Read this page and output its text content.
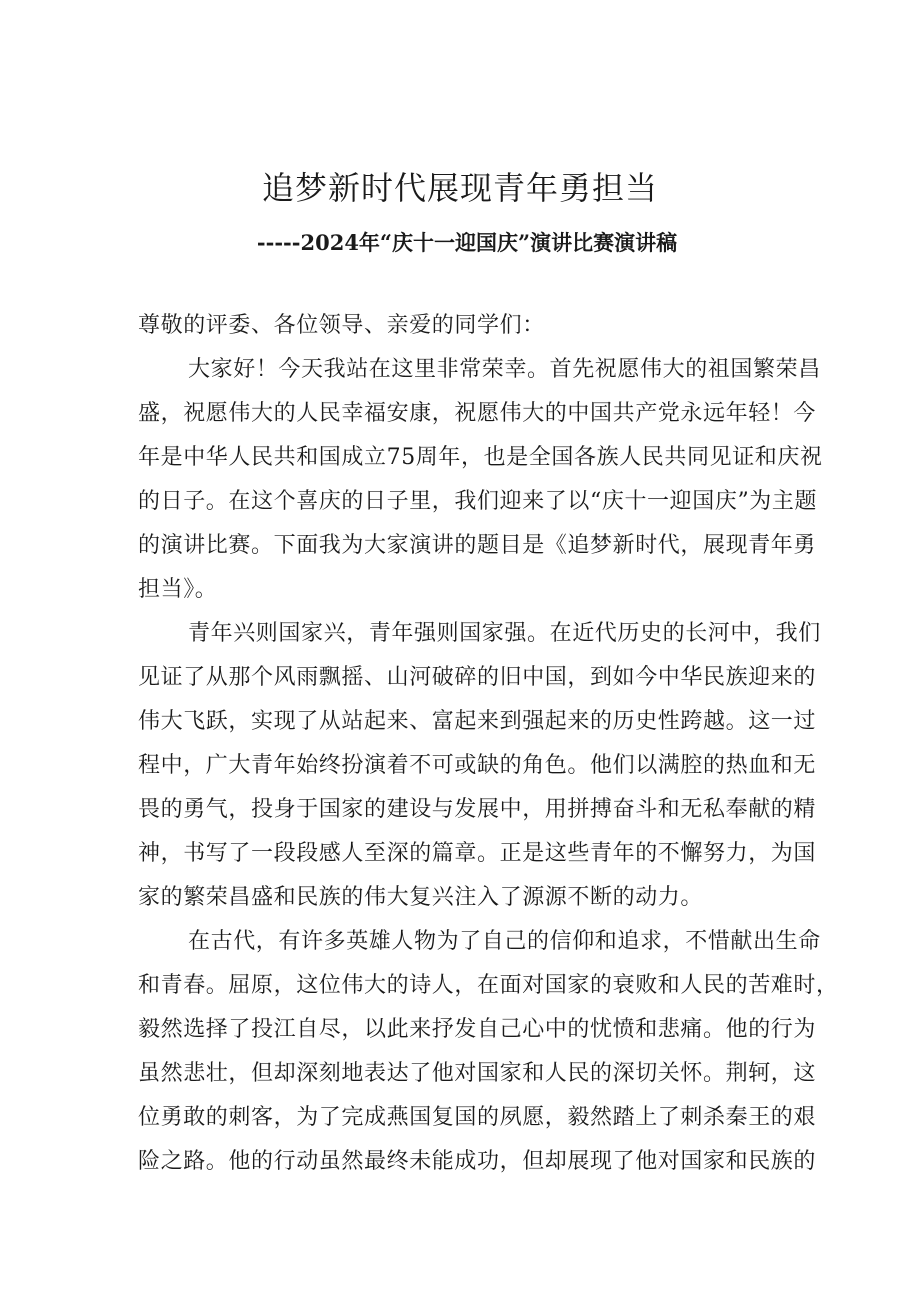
追梦新时代展现青年勇担当
-----2024年“庆十一迎国庆”演讲比赛演讲稿
尊敬的评委、各位领导、亲爱的同学们：
大家好！今天我站在这里非常荣幸。首先祝愿伟大的祖国繁荣昌
盛，祝愿伟大的人民幸福安康，祝愿伟大的中国共产党永远年轻！今
年是中华人民共和国成立75周年，也是全国各族人民共同见证和庆祝
的日子。在这个喜庆的日子里，我们迎来了以“庆十一迎国庆”为主题
的演讲比赛。下面我为大家演讲的题目是《追梦新时代，展现青年勇
担当》。
青年兴则国家兴，青年强则国家强。在近代历史的长河中，我们
见证了从那个风雨飘摇、山河破碎的旧中国，到如今中华民族迎来的
伟大飞跃，实现了从站起来、富起来到强起来的历史性跨越。这一过
程中，广大青年始终扮演着不可或缺的角色。他们以满腔的热血和无
畏的勇气，投身于国家的建设与发展中，用拼搏奋斗和无私奉献的精
神，书写了一段段感人至深的篇章。正是这些青年的不懈努力，为国
家的繁荣昌盛和民族的伟大复兴注入了源源不断的动力。
在古代，有许多英雄人物为了自己的信仰和追求，不惜献出生命
和青春。屈原，这位伟大的诗人，在面对国家的衰败和人民的苦难时，
毅然选择了投江自尽，以此来抒发自己心中的忧愤和悲痛。他的行为
虽然悲壮，但却深刻地表达了他对国家和人民的深切关怀。荆轲，这
位勇敢的刺客，为了完成燕国复国的夙愿，毅然踏上了刺杀秦王的艰
险之路。他的行动虽然最终未能成功，但却展现了他对国家和民族的
